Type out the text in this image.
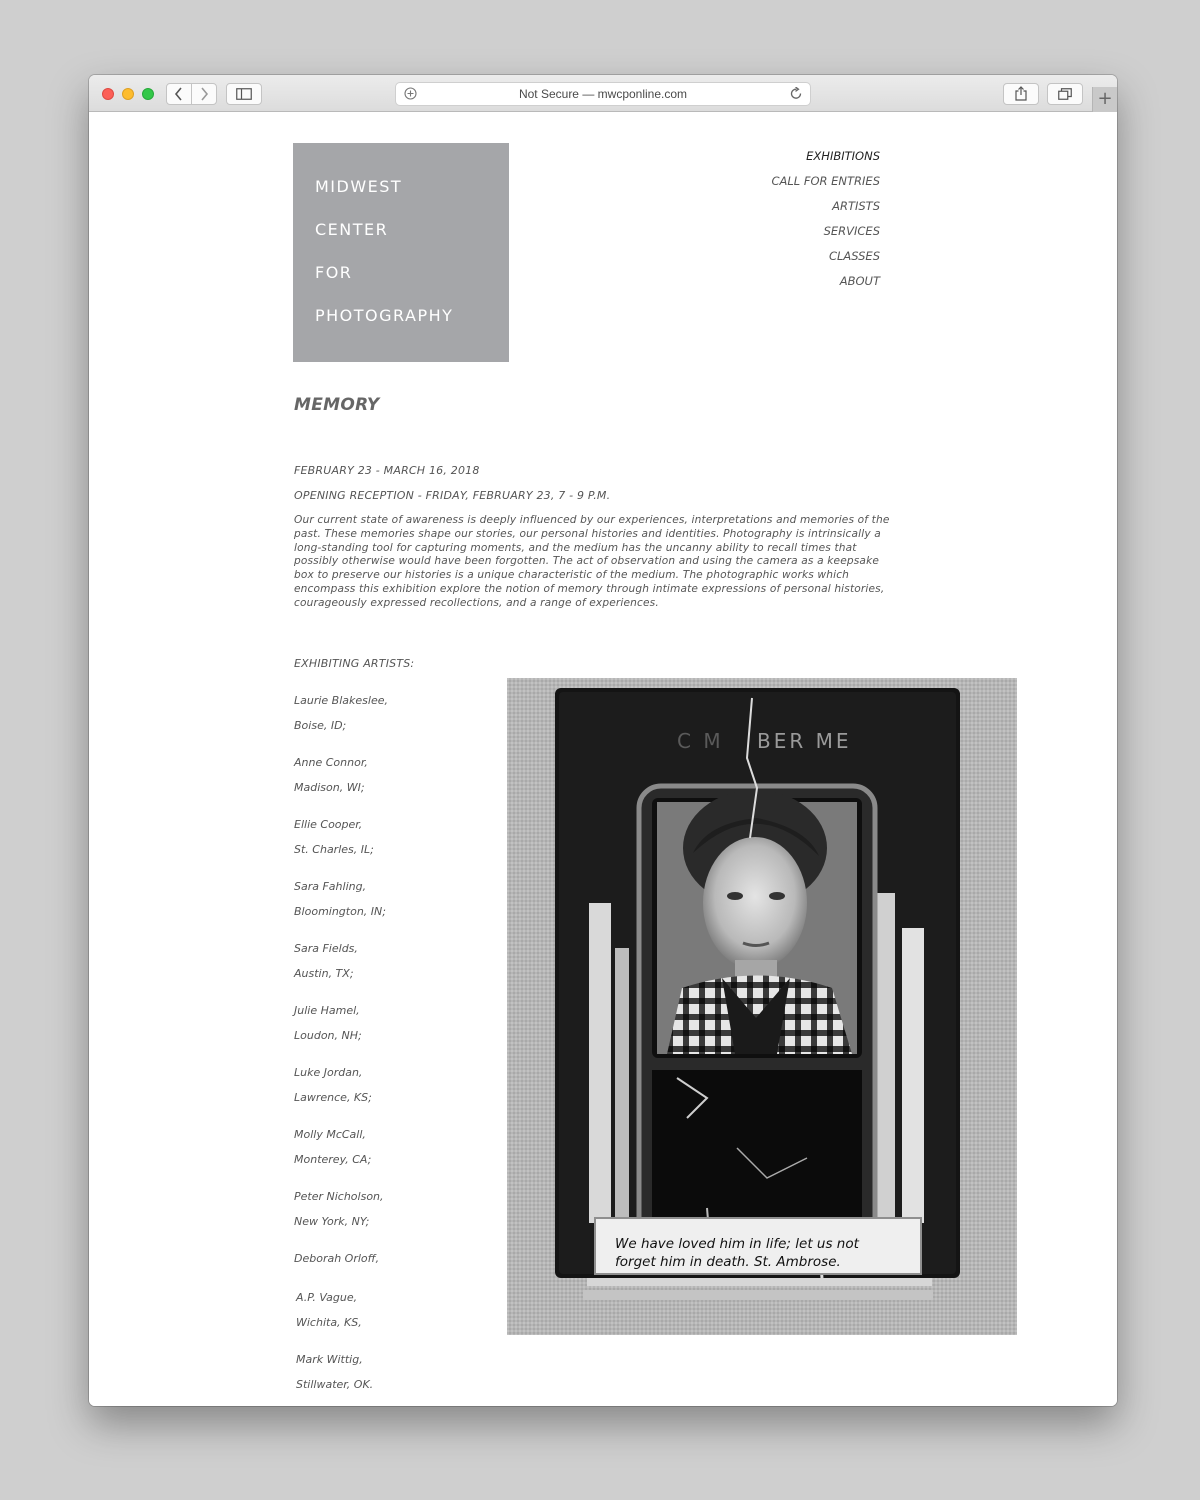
Not Secure — mwcponline.com	+
MIDWEST
CENTER
FOR
PHOTOGRAPHY
EXHIBITIONS
CALL FOR ENTRIES
ARTISTS
SERVICES
CLASSES
ABOUT
MEMORY
FEBRUARY 23 - MARCH 16, 2018
OPENING RECEPTION - FRIDAY, FEBRUARY 23, 7 - 9 P.M.

Our current state of awareness is deeply influenced by our experiences, interpretations and memories of the past. These memories shape our stories, our personal histories and identities. Photography is intrinsically a long-standing tool for capturing moments, and the medium has the uncanny ability to recall times that possibly otherwise would have been forgotten. The act of observation and using the camera as a keepsake box to preserve our histories is a unique characteristic of the medium. The photographic works which encompass this exhibition explore the notion of memory through intimate expressions of personal histories, courageously expressed recollections, and a range of experiences.

EXHIBITING ARTISTS:
Laurie Blakeslee,
Boise, ID;
Anne Connor,
Madison, WI;
Ellie Cooper,
St. Charles, IL;
Sara Fahling,
Bloomington, IN;
Sara Fields,
Austin, TX;
Julie Hamel,
Loudon, NH;
Luke Jordan,
Lawrence, KS;
Molly McCall,
Monterey, CA;
Peter Nicholson,
New York, NY;
Deborah Orloff,
A.P. Vague,
Wichita, KS,
Mark Wittig,
Stillwater, OK.
BER ME
C M
We have loved him in life; let us not
forget him in death. St. Ambrose.
